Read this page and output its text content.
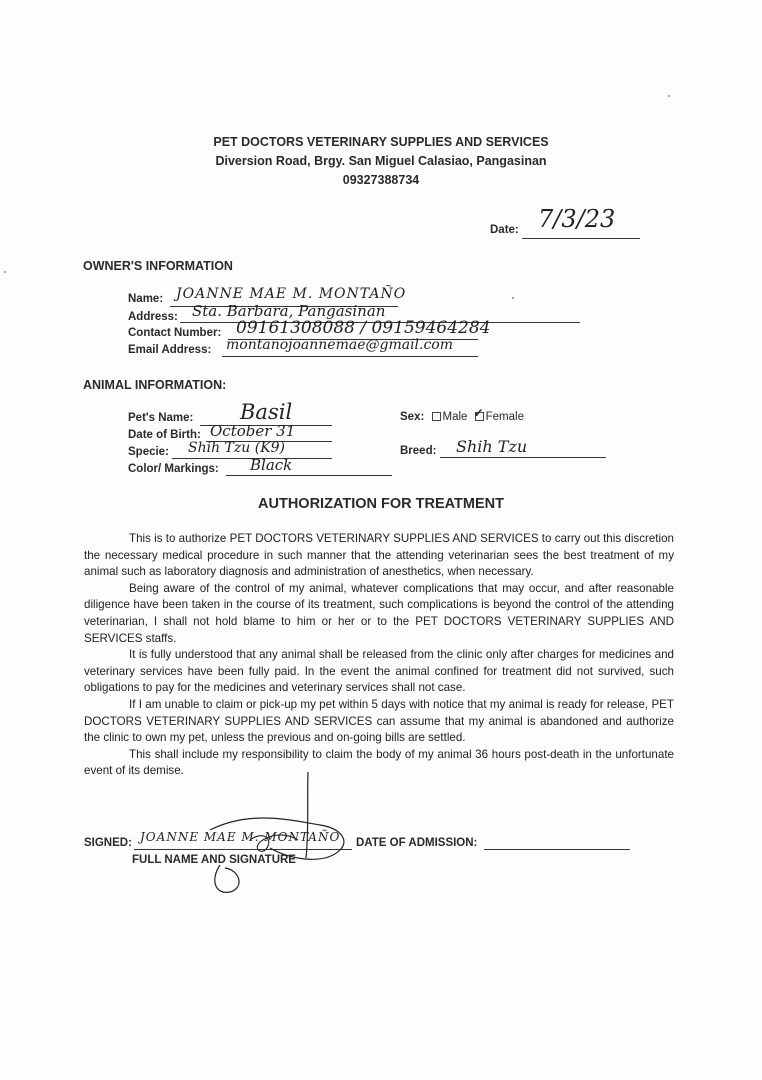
PET DOCTORS VETERINARY SUPPLIES AND SERVICES
Diversion Road, Brgy. San Miguel Calasiao, Pangasinan
09327388734
Date: 7/3/23
OWNER'S INFORMATION
Name: JOANNE MAE M. MONTAÑO
Address: Sta. Barbara, Pangasinan
Contact Number: 09161308088 / 09159464284
Email Address: montanojoannemae@gmail.com
ANIMAL INFORMATION:
Pet's Name: Basil
Date of Birth: October 31
Specie: Shih Tzu (K9)
Color/ Markings: Black
Sex: Male ✓ Female
Breed: Shih Tzu
AUTHORIZATION FOR TREATMENT

This is to authorize PET DOCTORS VETERINARY SUPPLIES AND SERVICES to carry out this discretion the necessary medical procedure in such manner that the attending veterinarian sees the best treatment of my animal such as laboratory diagnosis and administration of anesthetics, when necessary.

Being aware of the control of my animal, whatever complications that may occur, and after reasonable diligence have been taken in the course of its treatment, such complications is beyond the control of the attending veterinarian, I shall not hold blame to him or her or to the PET DOCTORS VETERINARY SUPPLIES AND SERVICES staffs.

It is fully understood that any animal shall be released from the clinic only after charges for medicines and veterinary services have been fully paid. In the event the animal confined for treatment did not survived, such obligations to pay for the medicines and veterinary services shall not case.

If I am unable to claim or pick-up my pet within 5 days with notice that my animal is ready for release, PET DOCTORS VETERINARY SUPPLIES AND SERVICES can assume that my animal is abandoned and authorize the clinic to own my pet, unless the previous and on-going bills are settled.

This shall include my responsibility to claim the body of my animal 36 hours post-death in the unfortunate event of its demise.

SIGNED: JOANNE MAE M. MONTAÑO
FULL NAME AND SIGNATURE
DATE OF ADMISSION:
